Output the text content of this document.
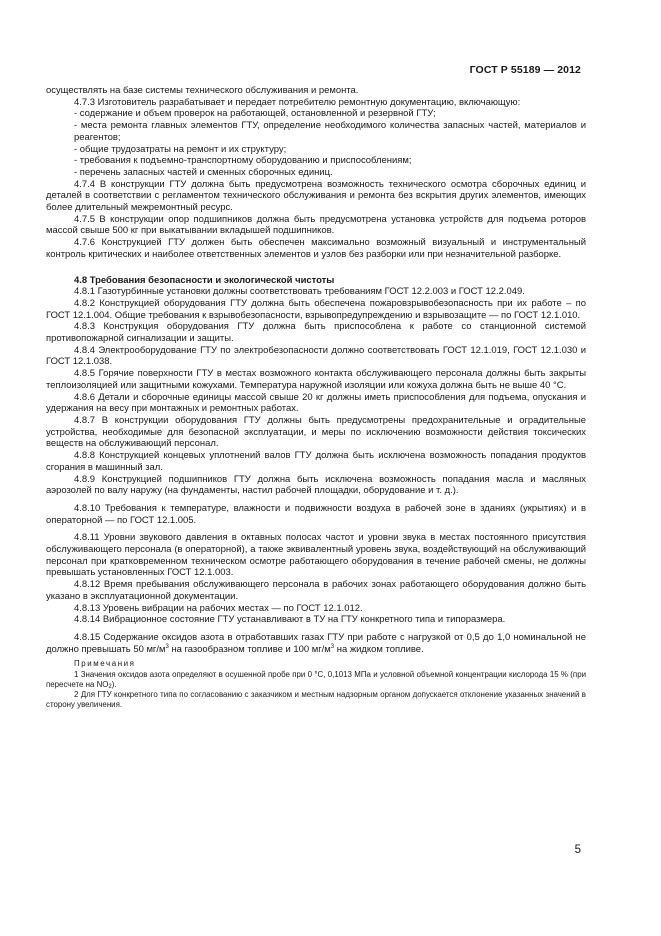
ГОСТ Р 55189 — 2012

осуществлять на базе системы технического обслуживания и ремонта.

4.7.3 Изготовитель разрабатывает и передает потребителю ремонтную документацию, включающую:

- содержание и объем проверок на работающей, остановленной и резервной ГТУ;

- места ремонта главных элементов ГТУ, определение необходимого количества запасных частей, материалов и реагентов;

- общие трудозатраты на ремонт и их структуру;

- требования к подъемно-транспортному оборудованию и приспособлениям;

- перечень запасных частей и сменных сборочных единиц.

4.7.4 В конструкции ГТУ должна быть предусмотрена возможность технического осмотра сборочных единиц и деталей в соответствии с регламентом технического обслуживания и ремонта без вскрытия других элементов, имеющих более длительный межремонтный ресурс.

4.7.5 В конструкции опор подшипников должна быть предусмотрена установка устройств для подъема роторов массой свыше 500 кг при выкатывании вкладышей подшипников.

4.7.6 Конструкцией ГТУ должен быть обеспечен максимально возможный визуальный и инструментальный контроль критических и наиболее ответственных элементов и узлов без разборки или при незначительной разборке.

4.8 Требования безопасности и экологической чистоты

4.8.1 Газотурбинные установки должны соответствовать требованиям ГОСТ 12.2.003 и ГОСТ 12.2.049.

4.8.2 Конструкцией оборудования ГТУ должна быть обеспечена пожаровзрывобезопасность при их работе – по ГОСТ 12.1.004. Общие требования к взрывобезопасности, взрывопредупреждению и взрывозащите — по ГОСТ 12.1.010.

4.8.3 Конструкция оборудования ГТУ должна быть приспособлена к работе со станционной системой противопожарной сигнализации и защиты.

4.8.4 Электрооборудование ГТУ по электробезопасности должно соответствовать ГОСТ 12.1.019, ГОСТ 12.1.030 и ГОСТ 12.1.038.

4.8.5 Горячие поверхности ГТУ в местах возможного контакта обслуживающего персонала должны быть закрыты теплоизоляцией или защитными кожухами. Температура наружной изоляции или кожуха должна быть не выше 40 °С.

4.8.6 Детали и сборочные единицы массой свыше 20 кг должны иметь приспособления для подъема, опускания и удержания на весу при монтажных и ремонтных работах.

4.8.7 В конструкции оборудования ГТУ должны быть предусмотрены предохранительные и оградительные устройства, необходимые для безопасной эксплуатации, и меры по исключению возможности действия токсических веществ на обслуживающий персонал.

4.8.8 Конструкцией концевых уплотнений валов ГТУ должна быть исключена возможность попадания продуктов сгорания в машинный зал.

4.8.9 Конструкцией подшипников ГТУ должна быть исключена возможность попадания масла и масляных аэрозолей по валу наружу (на фундаменты, настил рабочей площадки, оборудование и т. д.).

4.8.10 Требования к температуре, влажности и подвижности воздуха в рабочей зоне в зданиях (укрытиях) и в операторной — по ГОСТ 12.1.005.

4.8.11 Уровни звукового давления в октавных полосах частот и уровни звука в местах постоянного присутствия обслуживающего персонала (в операторной), а также эквивалентный уровень звука, воздействующий на обслуживающий персонал при кратковременном техническом осмотре работающего оборудования в течение рабочей смены, не должны превышать установленных ГОСТ 12.1.003.

4.8.12 Время пребывания обслуживающего персонала в рабочих зонах работающего оборудования должно быть указано в эксплуатационной документации.

4.8.13 Уровень вибрации на рабочих местах — по ГОСТ 12.1.012.

4.8.14 Вибрационное состояние ГТУ устанавливают в ТУ на ГТУ конкретного типа и типоразмера.

4.8.15 Содержание оксидов азота в отработавших газах ГТУ при работе с нагрузкой от 0,5 до 1,0 номинальной не должно превышать 50 $мг/м^3$ на газообразном топливе и 100 $мг/м^3$ на жидком топливе.

Примечания

1 Значения оксидов азота определяют в осушенной пробе при 0 °С, 0,1013 МПа и условной объемной концентрации кислорода 15 % (при пересчете на $NO_2$).

2 Для ГТУ конкретного типа по согласованию с заказчиком и местным надзорным органом допускается отклонение указанных значений в сторону увеличения.

5
